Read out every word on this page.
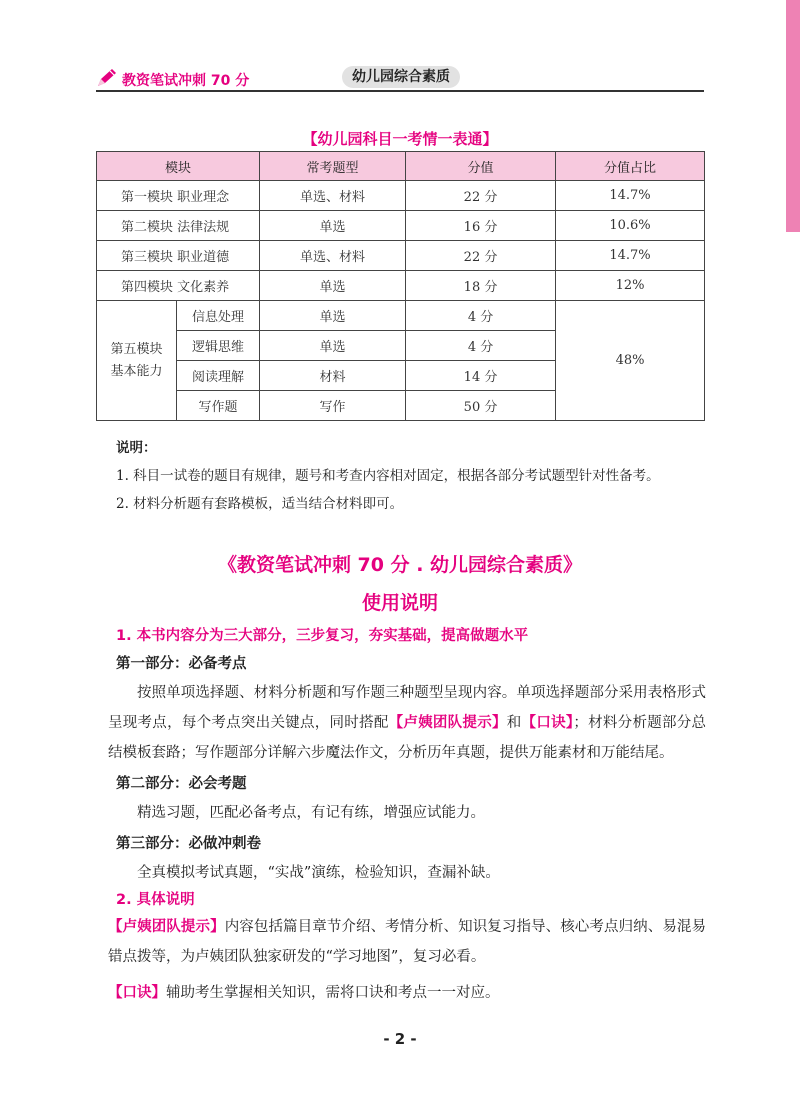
教资笔试冲刺 70 分	幼儿园综合素质
【幼儿园科目一考情一表通】
模块		常考题型	分值	分值占比
第一模块 职业理念		单选、材料	22 分	14.7%
第二模块 法律法规		单选	16 分	10.6%
第三模块 职业道德		单选、材料	22 分	14.7%
第四模块 文化素养		单选	18 分	12%

第五模块
基本能力	信息处理	单选	4 分	48%
	逻辑思维	单选	4 分	
	阅读理解	材料	14 分	
	写作题	写作	50 分	
说明：
1. 科目一试卷的题目有规律，题号和考查内容相对固定，根据各部分考试题型针对性备考。
2. 材料分析题有套路模板，适当结合材料即可。
《教资笔试冲刺 70 分 . 幼儿园综合素质》
使用说明
1. 本书内容分为三大部分，三步复习，夯实基础，提高做题水平
第一部分：必备考点
按照单项选择题、材料分析题和写作题三种题型呈现内容。单项选择题部分采用表格形式呈现考点，每个考点突出关键点，同时搭配【卢姨团队提示】和【口诀】；材料分析题部分总结模板套路；写作题部分详解六步魔法作文，分析历年真题，提供万能素材和万能结尾。
第二部分：必会考题
精选习题，匹配必备考点，有记有练，增强应试能力。
第三部分：必做冲刺卷
全真模拟考试真题，“实战”演练，检验知识，查漏补缺。
2. 具体说明
【卢姨团队提示】内容包括篇目章节介绍、考情分析、知识复习指导、核心考点归纳、易混易错点拨等，为卢姨团队独家研发的“学习地图”，复习必看。
【口诀】辅助考生掌握相关知识，需将口诀和考点一一对应。
- 2 -
